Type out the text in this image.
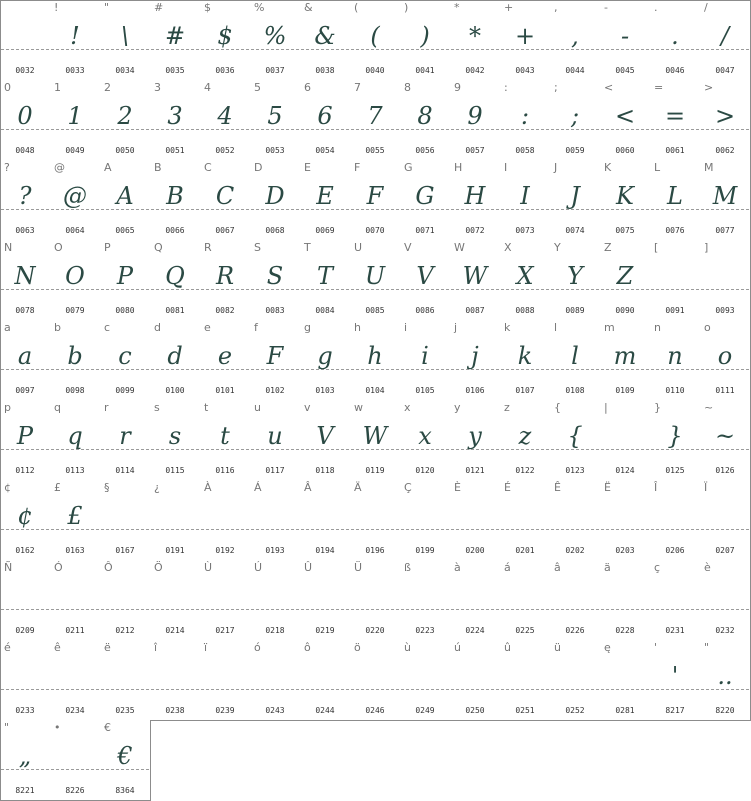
0032
!
!
0033
"
\
0034
#
#
0035
$
$
0036
%
%
0037
&
&
0038
(
(
0040
)
)
0041
*
*
0042
+
+
0043
,
,
0044
-
-
0045
.
.
0046
/
/
0047
0
0
0048
1
1
0049
2
2
0050
3
3
0051
4
4
0052
5
5
0053
6
6
0054
7
7
0055
8
8
0056
9
9
0057
:
:
0058
;
;
0059
<
<
0060
=
=
0061
>
>
0062
?
?
0063
@
@
0064
A
A
0065
B
B
0066
C
C
0067
D
D
0068
E
E
0069
F
F
0070
G
G
0071
H
H
0072
I
I
0073
J
J
0074
K
K
0075
L
L
0076
M
M
0077
N
N
0078
O
O
0079
P
P
0080
Q
Q
0081
R
R
0082
S
S
0083
T
T
0084
U
U
0085
V
V
0086
W
W
0087
X
X
0088
Y
Y
0089
Z
Z
0090
[
0091
]
0093
a
a
0097
b
b
0098
c
c
0099
d
d
0100
e
e
0101
f
F
0102
g
g
0103
h
h
0104
i
i
0105
j
j
0106
k
k
0107
l
l
0108
m
m
0109
n
n
0110
o
o
0111
p
P
0112
q
q
0113
r
r
0114
s
s
0115
t
t
0116
u
u
0117
v
V
0118
w
W
0119
x
x
0120
y
y
0121
z
z
0122
{
{
0123
|
0124
}
}
0125
~
~
0126
¢
¢
0162
£
£
0163
§
0167
¿
0191
À
0192
Á
0193
Â
0194
Ä
0196
Ç
0199
È
0200
É
0201
Ê
0202
Ë
0203
Î
0206
Ï
0207
Ñ
0209
Ó
0211
Ô
0212
Ö
0214
Ù
0217
Ú
0218
Û
0219
Ü
0220
ß
0223
à
0224
á
0225
â
0226
ä
0228
ç
0231
è
0232
é
0233
ê
0234
ë
0235
î
0238
ï
0239
ó
0243
ô
0244
ö
0246
ù
0249
ú
0250
û
0251
ü
0252
ę
0281
'
'
8217
"
..
8220
"
„
8221
•
8226
€
€
8364
